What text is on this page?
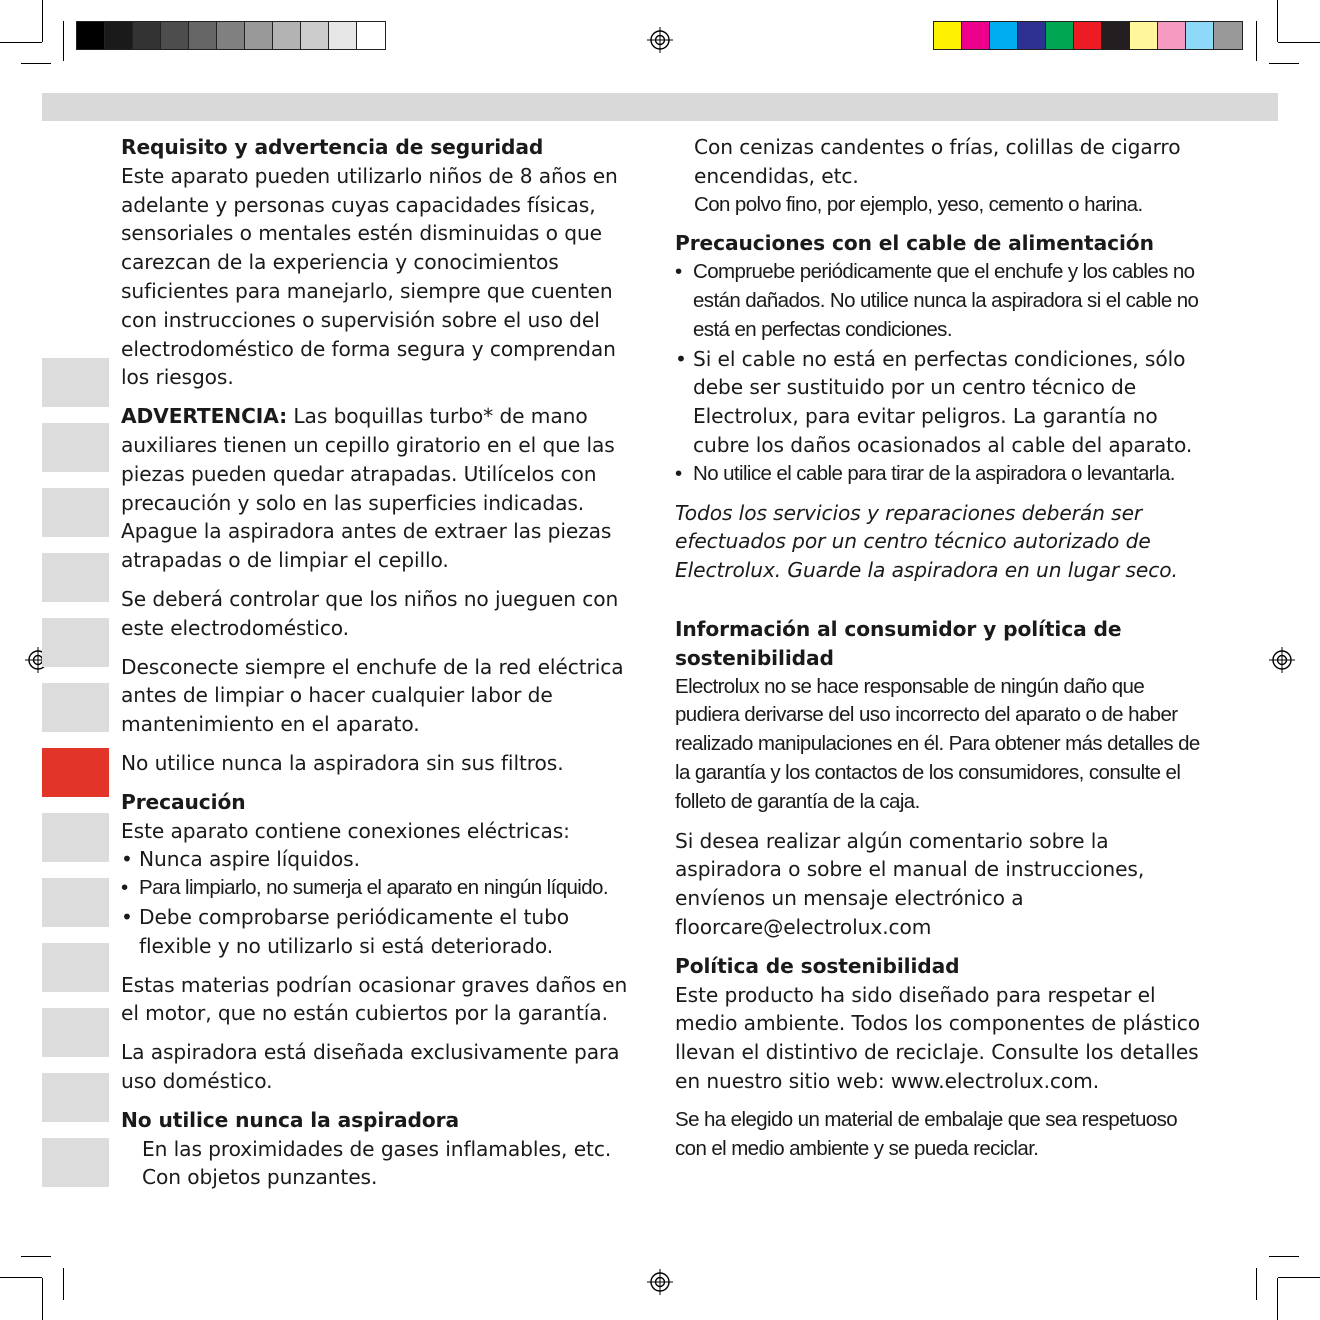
Requisito y advertencia de seguridad

Este aparato pueden utilizarlo niños de 8 años en adelante y personas cuyas capacidades físicas, sensoriales o mentales estén disminuidas o que carezcan de la experiencia y conocimientos suficientes para manejarlo, siempre que cuenten con instrucciones o supervisión sobre el uso del electrodoméstico de forma segura y comprendan los riesgos.

ADVERTENCIA: Las boquillas turbo* de mano auxiliares tienen un cepillo giratorio en el que las piezas pueden quedar atrapadas. Utilícelos con precaución y solo en las superficies indicadas. Apague la aspiradora antes de extraer las piezas atrapadas o de limpiar el cepillo.

Se deberá controlar que los niños no jueguen con este electrodoméstico.

Desconecte siempre el enchufe de la red eléctrica antes de limpiar o hacer cualquier labor de mantenimiento en el aparato.

No utilice nunca la aspiradora sin sus filtros.

Precaución
Este aparato contiene conexiones eléctricas:
• Nunca aspire líquidos.
• Para limpiarlo, no sumerja el aparato en ningún líquido.
• Debe comprobarse periódicamente el tubo flexible y no utilizarlo si está deteriorado.

Estas materias podrían ocasionar graves daños en el motor, que no están cubiertos por la garantía.

La aspiradora está diseñada exclusivamente para uso doméstico.

No utilice nunca la aspiradora
En las proximidades de gases inflamables, etc.
Con objetos punzantes.
Con cenizas candentes o frías, colillas de cigarro encendidas, etc.
Con polvo fino, por ejemplo, yeso, cemento o harina.
Precauciones con el cable de alimentación
• Compruebe periódicamente que el enchufe y los cables no están dañados. No utilice nunca la aspiradora si el cable no está en perfectas condiciones.
• Si el cable no está en perfectas condiciones, sólo debe ser sustituido por un centro técnico de Electrolux, para evitar peligros. La garantía no cubre los daños ocasionados al cable del aparato.
• No utilice el cable para tirar de la aspiradora o levantarla.

Todos los servicios y reparaciones deberán ser efectuados por un centro técnico autorizado de Electrolux. Guarde la aspiradora en un lugar seco.

Información al consumidor y política de sostenibilidad

Electrolux no se hace responsable de ningún daño que pudiera derivarse del uso incorrecto del aparato o de haber realizado manipulaciones en él. Para obtener más detalles de la garantía y los contactos de los consumidores, consulte el folleto de garantía de la caja.

Si desea realizar algún comentario sobre la aspiradora o sobre el manual de instrucciones, envíenos un mensaje electrónico a floorcare@electrolux.com

Política de sostenibilidad

Este producto ha sido diseñado para respetar el medio ambiente. Todos los componentes de plástico llevan el distintivo de reciclaje. Consulte los detalles en nuestro sitio web: www.electrolux.com.

Se ha elegido un material de embalaje que sea respetuoso con el medio ambiente y se pueda reciclar.
